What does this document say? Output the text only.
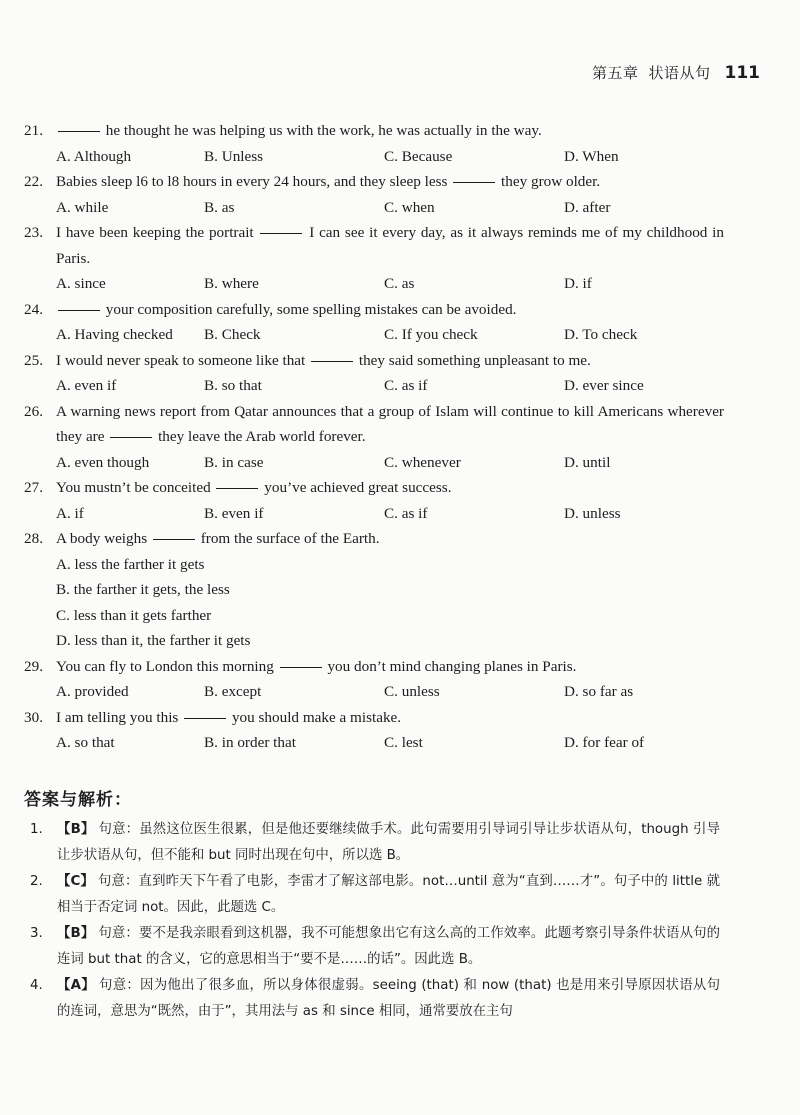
第五章 状语从句 111
21.	he thought he was helping us with the work, he was actually in the way.
A. Although	B. Unless	C. Because	D. When
22. Babies sleep l6 to l8 hours in every 24 hours, and they sleep less	they grow older.
A. while	B. as	C. when	D. after
23. I have been keeping the portrait	I can see it every day, as it always reminds me of my childhood in Paris.
A. since	B. where	C. as	D. if
24.	your composition carefully, some spelling mistakes can be avoided.
A. Having checked	B. Check	C. If you check	D. To check
25. I would never speak to someone like that	they said something unpleasant to me.
A. even if	B. so that	C. as if	D. ever since
26. A warning news report from Qatar announces that a group of Islam will continue to kill Americans wherever they are	they leave the Arab world forever.
A. even though	B. in case	C. whenever	D. until
27. You mustn’t be conceited	you’ve achieved great success.
A. if	B. even if	C. as if	D. unless
28. A body weighs	from the surface of the Earth.
A. less the farther it gets
B. the farther it gets, the less
C. less than it gets farther
D. less than it, the farther it gets
29. You can fly to London this morning	you don’t mind changing planes in Paris.
A. provided	B. except	C. unless	D. so far as
30. I am telling you this	you should make a mistake.
A. so that	B. in order that	C. lest	D. for fear of
答案与解析：
1.	【B】 句意：虽然这位医生很累，但是他还要继续做手术。此句需要用引导词引导让步状语从句，though 引导让步状语从句，但不能和 but 同时出现在句中，所以选 B。
2.	【C】 句意：直到昨天下午看了电影，李雷才了解这部电影。not…until 意为“直到……才”。句子中的 little 就相当于否定词 not。因此，此题选 C。
3.	【B】 句意：要不是我亲眼看到这机器，我不可能想象出它有这么高的工作效率。此题考察引导条件状语从句的连词 but that 的含义，它的意思相当于“要不是……的话”。因此选 B。
4.	【A】 句意：因为他出了很多血，所以身体很虚弱。seeing (that) 和 now (that) 也是用来引导原因状语从句的连词，意思为“既然，由于”，其用法与 as 和 since 相同，通常要放在主句
